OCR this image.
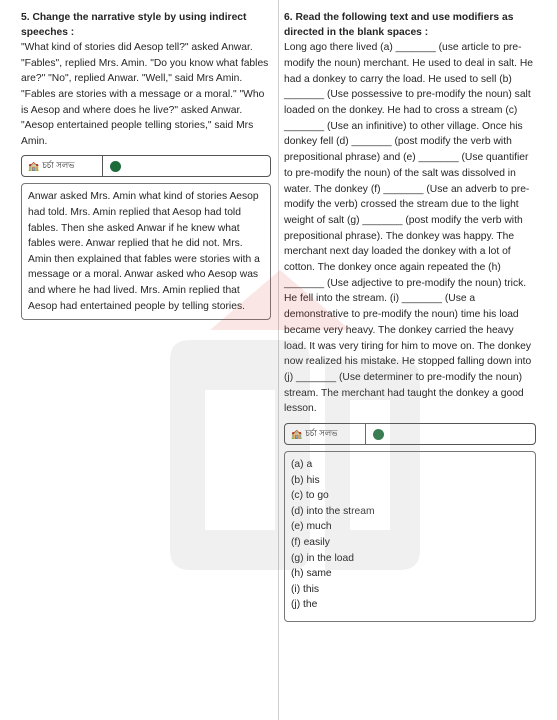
5. Change the narrative style by using indirect speeches :

"What kind of stories did Aesop tell?" asked Anwar. "Fables", replied Mrs. Amin. "Do you know what fables are?" "No", replied Anwar. "Well," said Mrs Amin. "Fables are stories with a message or a moral." "Who is Aesop and where does he live?" asked Anwar. "Aesop entertained people telling stories," said Mrs Amin.

🏫 চর্চা সলভ

Anwar asked Mrs. Amin what kind of stories Aesop had told. Mrs. Amin replied that Aesop had told fables. Then she asked Anwar if he knew what fables were. Anwar replied that he did not. Mrs. Amin then explained that fables were stories with a message or a moral. Anwar asked who Aesop was and where he had lived. Mrs. Amin replied that Aesop had entertained people by telling stories.

6. Read the following text and use modifiers as directed in the blank spaces :

Long ago there lived (a) _______ (use article to pre-modify the noun) merchant. He used to deal in salt. He had a donkey to carry the load. He used to sell (b) _______ (Use possessive to pre-modify the noun) salt loaded on the donkey. He had to cross a stream (c) _______ (Use an infinitive) to other village. Once his donkey fell (d) _______ (post modify the verb with prepositional phrase) and (e) _______ (Use quantifier to pre-modify the noun) of the salt was dissolved in water. The donkey (f) _______ (Use an adverb to pre-modify the verb) crossed the stream due to the light weight of salt (g) _______ (post modify the verb with prepositional phrase). The donkey was happy. The merchant next day loaded the donkey with a lot of cotton. The donkey once again repeated the (h) _______ (Use adjective to pre-modify the noun) trick. He fell into the stream. (i) _______ (Use a demonstrative to pre-modify the noun) time his load became very heavy. The donkey carried the heavy load. It was very tiring for him to move on. The donkey now realized his mistake. He stopped falling down into (j) _______ (Use determiner to pre-modify the noun) stream. The merchant had taught the donkey a good lesson.

🏫 চর্চা সলভ
(a) a
(b) his
(c) to go
(d) into the stream
(e) much
(f) easily
(g) in the load
(h) same
(i) this
(j) the
